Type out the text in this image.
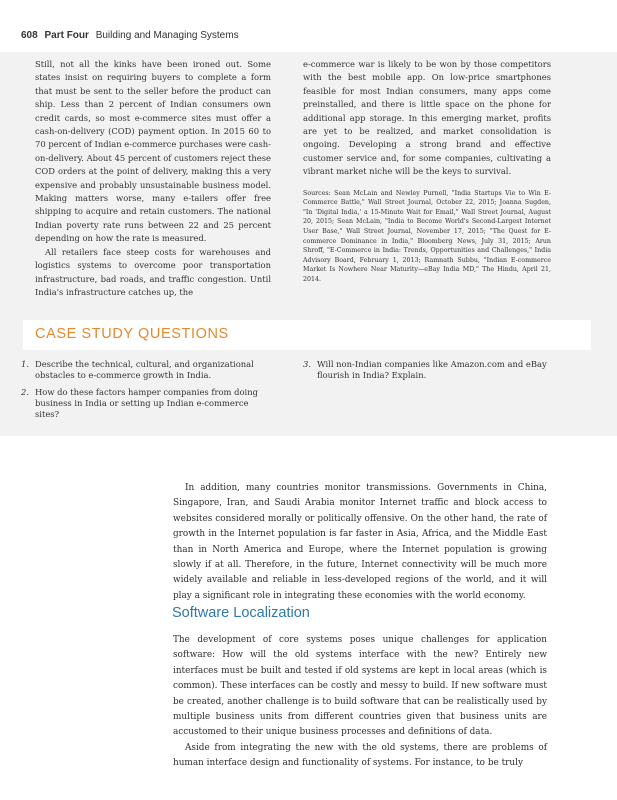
608 Part Four Building and Managing Systems

Still, not all the kinks have been ironed out. Some states insist on requiring buyers to complete a form that must be sent to the seller before the product can ship. Less than 2 percent of Indian consumers own credit cards, so most e-commerce sites must offer a cash-on-delivery (COD) payment option. In 2015 60 to 70 percent of Indian e-commerce purchases were cash-on-delivery. About 45 percent of customers reject these COD orders at the point of delivery, making this a very expensive and probably unsustainable business model. Making matters worse, many e-tailers offer free shipping to acquire and retain customers. The national Indian poverty rate runs between 22 and 25 percent depending on how the rate is measured.

All retailers face steep costs for warehouses and logistics systems to overcome poor transportation infrastructure, bad roads, and traffic congestion. Until India's infrastructure catches up, the

e-commerce war is likely to be won by those competitors with the best mobile app. On low-price smartphones feasible for most Indian consumers, many apps come preinstalled, and there is little space on the phone for additional app storage. In this emerging market, profits are yet to be realized, and market consolidation is ongoing. Developing a strong brand and effective customer service and, for some companies, cultivating a vibrant market niche will be the keys to survival.

Sources: Sean McLain and Newley Purnell, "India Startups Vie to Win E-Commerce Battle," Wall Street Journal, October 22, 2015; Joanna Sugden, "In 'Digital India,' a 15-Minute Wait for Email," Wall Street Journal, August 20, 2015; Sean McLain, "India to Become World's Second-Largest Internet User Base," Wall Street Journal, November 17, 2015; "The Quest for E-commerce Dominance in India," Bloomberg News, July 31, 2015; Arun Shroff, "E-Commerce in India: Trends, Opportunities and Challenges," India Advisory Board, February 1, 2013; Ramnath Subbu, "Indian E-commerce Market Is Nowhere Near Maturity—eBay India MD," The Hindu, April 21, 2014.

CASE STUDY QUESTIONS
1. Describe the technical, cultural, and organizational obstacles to e-commerce growth in India.
2. How do these factors hamper companies from doing business in India or setting up Indian e-commerce sites?
3. Will non-Indian companies like Amazon.com and eBay flourish in India? Explain.

In addition, many countries monitor transmissions. Governments in China, Singapore, Iran, and Saudi Arabia monitor Internet traffic and block access to websites considered morally or politically offensive. On the other hand, the rate of growth in the Internet population is far faster in Asia, Africa, and the Middle East than in North America and Europe, where the Internet population is growing slowly if at all. Therefore, in the future, Internet connectivity will be much more widely available and reliable in less-developed regions of the world, and it will play a significant role in integrating these economies with the world economy.

Software Localization

The development of core systems poses unique challenges for application software: How will the old systems interface with the new? Entirely new interfaces must be built and tested if old systems are kept in local areas (which is common). These interfaces can be costly and messy to build. If new software must be created, another challenge is to build software that can be realistically used by multiple business units from different countries given that business units are accustomed to their unique business processes and definitions of data.

Aside from integrating the new with the old systems, there are problems of human interface design and functionality of systems. For instance, to be truly
